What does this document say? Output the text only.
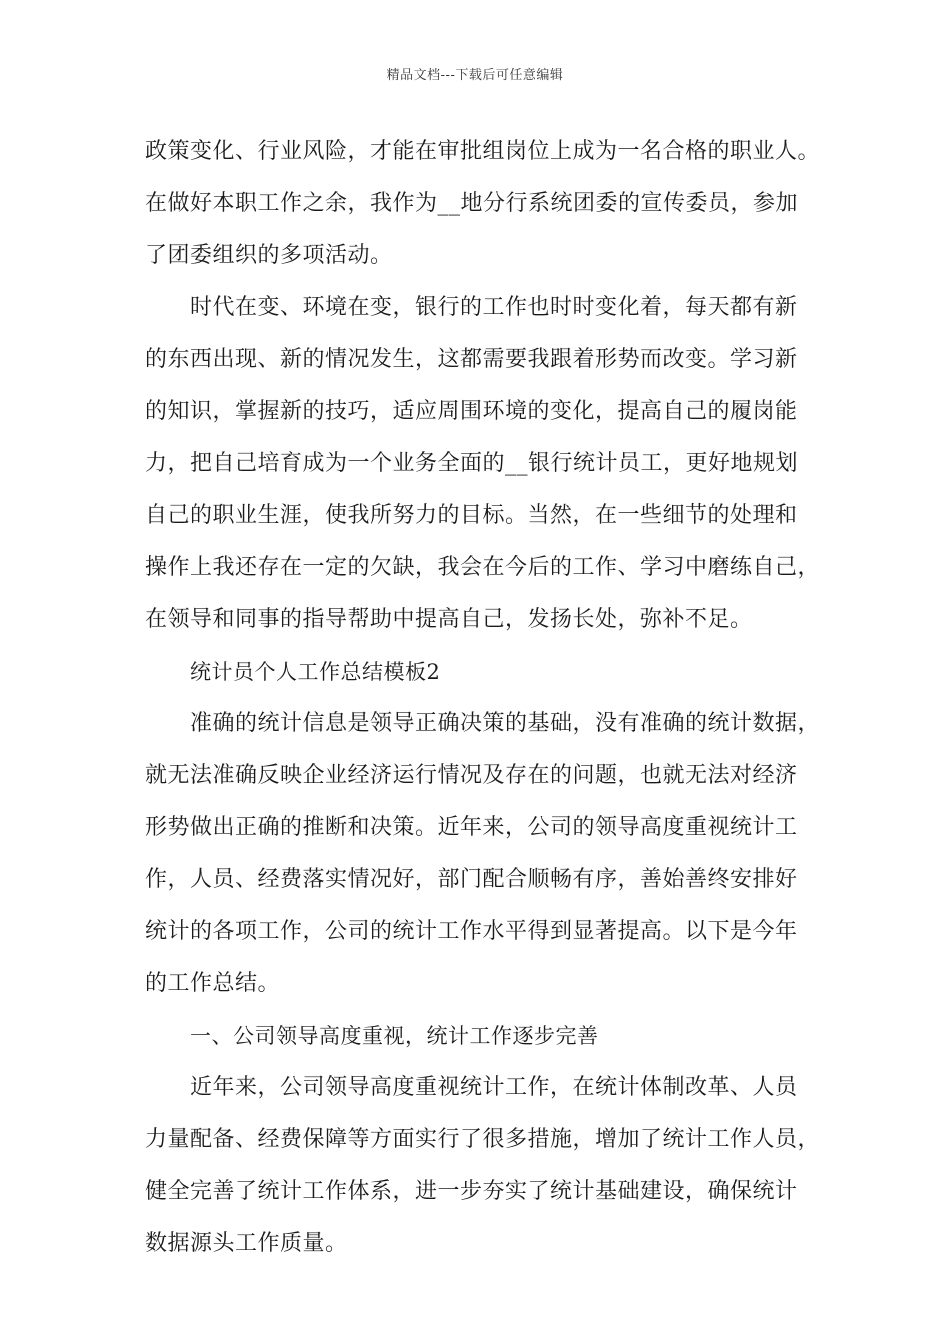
精品文档---下载后可任意编辑
政策变化、行业风险，才能在审批组岗位上成为一名合格的职业人。
在做好本职工作之余，我作为__地分行系统团委的宣传委员，参加
了团委组织的多项活动。
时代在变、环境在变，银行的工作也时时变化着，每天都有新
的东西出现、新的情况发生，这都需要我跟着形势而改变。学习新
的知识，掌握新的技巧，适应周围环境的变化，提高自己的履岗能
力，把自己培育成为一个业务全面的__银行统计员工，更好地规划
自己的职业生涯，使我所努力的目标。当然，在一些细节的处理和
操作上我还存在一定的欠缺，我会在今后的工作、学习中磨练自己，
在领导和同事的指导帮助中提高自己，发扬长处，弥补不足。
统计员个人工作总结模板2
准确的统计信息是领导正确决策的基础，没有准确的统计数据，
就无法准确反映企业经济运行情况及存在的问题，也就无法对经济
形势做出正确的推断和决策。近年来，公司的领导高度重视统计工
作，人员、经费落实情况好，部门配合顺畅有序，善始善终安排好
统计的各项工作，公司的统计工作水平得到显著提高。以下是今年
的工作总结。
一、公司领导高度重视，统计工作逐步完善
近年来，公司领导高度重视统计工作，在统计体制改革、人员
力量配备、经费保障等方面实行了很多措施，增加了统计工作人员，
健全完善了统计工作体系，进一步夯实了统计基础建设，确保统计
数据源头工作质量。
